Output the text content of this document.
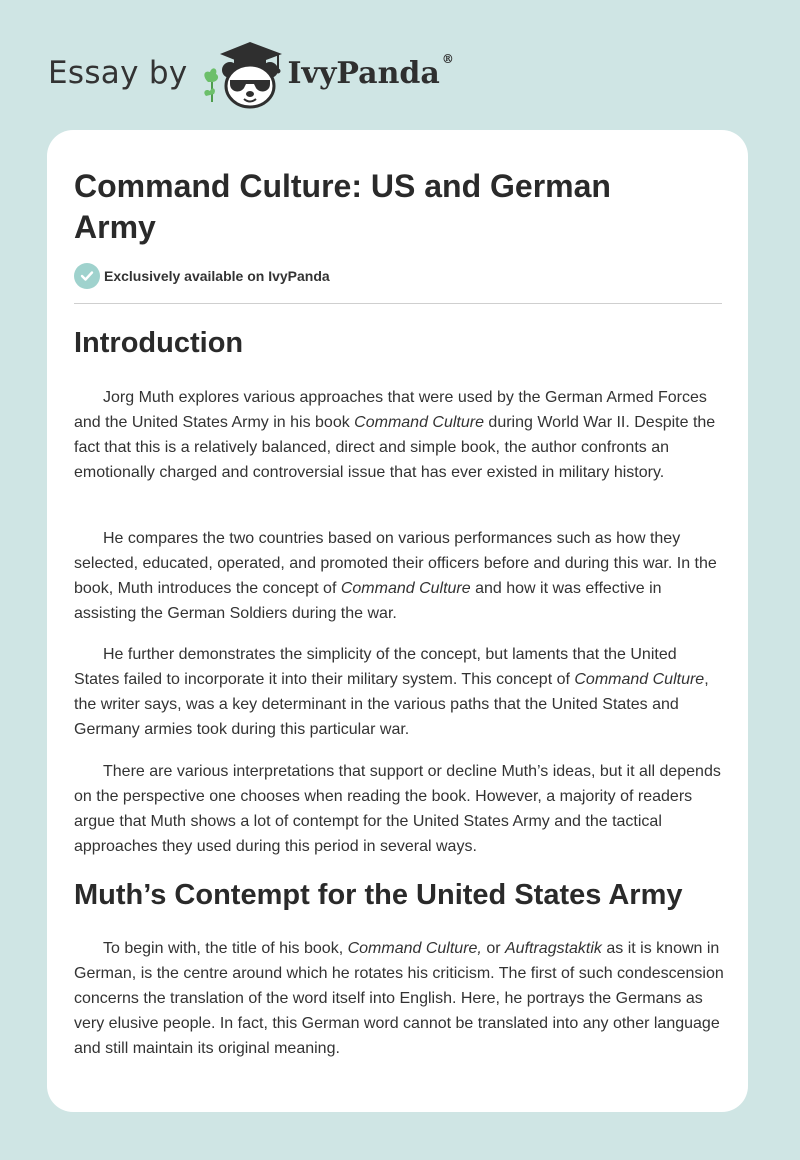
Essay by	IvyPanda ®
Command Culture: US and German Army
Exclusively available on IvyPanda
Introduction

Jorg Muth explores various approaches that were used by the German Armed Forces and the United States Army in his book Command Culture during World War II. Despite the fact that this is a relatively balanced, direct and simple book, the author confronts an emotionally charged and controversial issue that has ever existed in military history.

He compares the two countries based on various performances such as how they selected, educated, operated, and promoted their officers before and during this war. In the book, Muth introduces the concept of Command Culture and how it was effective in assisting the German Soldiers during the war.

He further demonstrates the simplicity of the concept, but laments that the United States failed to incorporate it into their military system. This concept of Command Culture, the writer says, was a key determinant in the various paths that the United States and Germany armies took during this particular war.

There are various interpretations that support or decline Muth’s ideas, but it all depends on the perspective one chooses when reading the book. However, a majority of readers argue that Muth shows a lot of contempt for the United States Army and the tactical approaches they used during this period in several ways.

Muth’s Contempt for the United States Army

To begin with, the title of his book, Command Culture, or Auftragstaktik as it is known in German, is the centre around which he rotates his criticism. The first of such condescension concerns the translation of the word itself into English. Here, he portrays the Germans as very elusive people. In fact, this German word cannot be translated into any other language and still maintain its original meaning.
